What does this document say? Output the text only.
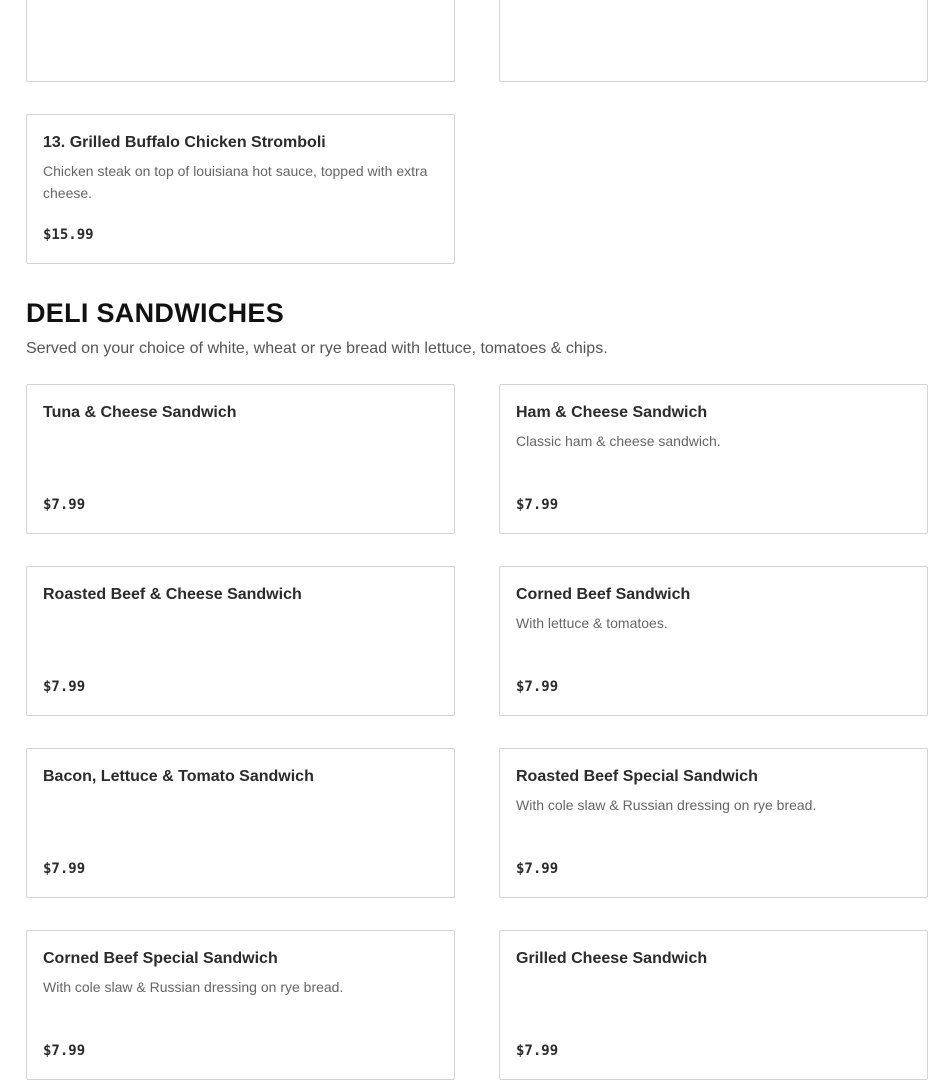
13. Grilled Buffalo Chicken Stromboli
Chicken steak on top of louisiana hot sauce, topped with extra cheese.
$15.99
DELI SANDWICHES

Served on your choice of white, wheat or rye bread with lettuce, tomatoes & chips.

Tuna & Cheese Sandwich
$7.99
Ham & Cheese Sandwich
Classic ham & cheese sandwich.
$7.99
Roasted Beef & Cheese Sandwich
$7.99
Corned Beef Sandwich
With lettuce & tomatoes.
$7.99
Bacon, Lettuce & Tomato Sandwich
$7.99
Roasted Beef Special Sandwich
With cole slaw & Russian dressing on rye bread.
$7.99
Corned Beef Special Sandwich
With cole slaw & Russian dressing on rye bread.
$7.99
Grilled Cheese Sandwich
$7.99
